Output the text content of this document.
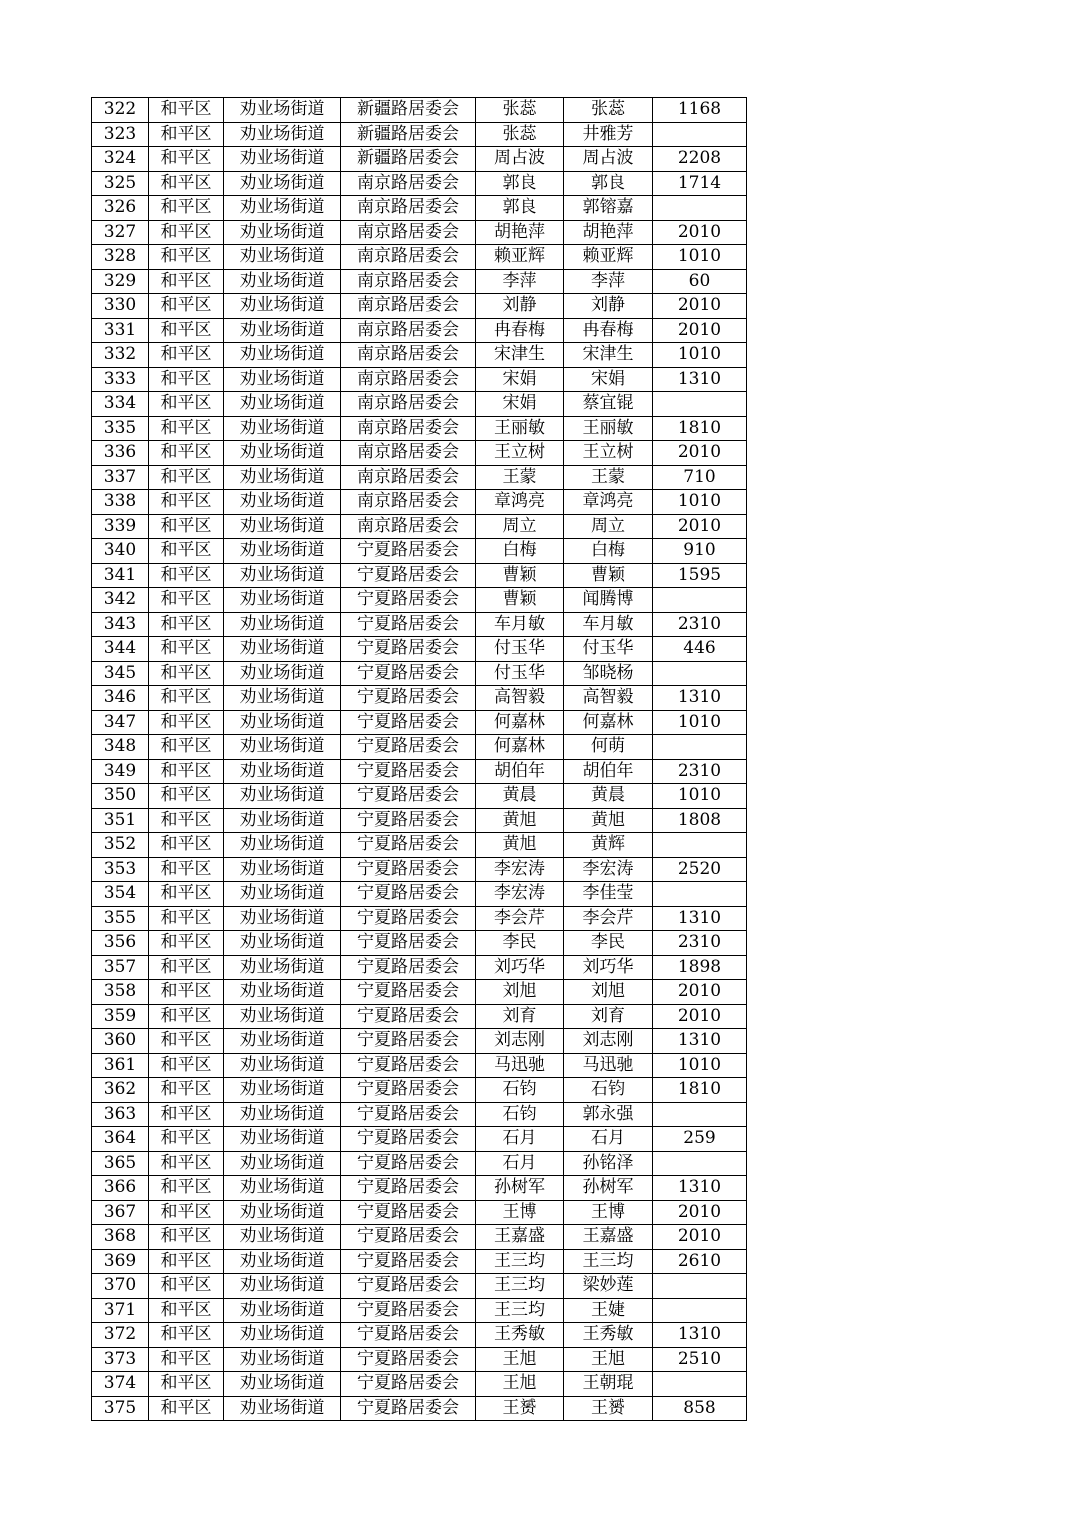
322	和平区	劝业场街道	新疆路居委会	张蕊	张蕊	1168
323	和平区	劝业场街道	新疆路居委会	张蕊	井雅芳	
324	和平区	劝业场街道	新疆路居委会	周占波	周占波	2208
325	和平区	劝业场街道	南京路居委会	郭良	郭良	1714
326	和平区	劝业场街道	南京路居委会	郭良	郭镕嘉	
327	和平区	劝业场街道	南京路居委会	胡艳萍	胡艳萍	2010
328	和平区	劝业场街道	南京路居委会	赖亚辉	赖亚辉	1010
329	和平区	劝业场街道	南京路居委会	李萍	李萍	60
330	和平区	劝业场街道	南京路居委会	刘静	刘静	2010
331	和平区	劝业场街道	南京路居委会	冉春梅	冉春梅	2010
332	和平区	劝业场街道	南京路居委会	宋津生	宋津生	1010
333	和平区	劝业场街道	南京路居委会	宋娟	宋娟	1310
334	和平区	劝业场街道	南京路居委会	宋娟	蔡宜锟	
335	和平区	劝业场街道	南京路居委会	王丽敏	王丽敏	1810
336	和平区	劝业场街道	南京路居委会	王立树	王立树	2010
337	和平区	劝业场街道	南京路居委会	王蒙	王蒙	710
338	和平区	劝业场街道	南京路居委会	章鸿亮	章鸿亮	1010
339	和平区	劝业场街道	南京路居委会	周立	周立	2010
340	和平区	劝业场街道	宁夏路居委会	白梅	白梅	910
341	和平区	劝业场街道	宁夏路居委会	曹颖	曹颖	1595
342	和平区	劝业场街道	宁夏路居委会	曹颖	闻腾博	
343	和平区	劝业场街道	宁夏路居委会	车月敏	车月敏	2310
344	和平区	劝业场街道	宁夏路居委会	付玉华	付玉华	446
345	和平区	劝业场街道	宁夏路居委会	付玉华	邹晓杨	
346	和平区	劝业场街道	宁夏路居委会	高智毅	高智毅	1310
347	和平区	劝业场街道	宁夏路居委会	何嘉林	何嘉林	1010
348	和平区	劝业场街道	宁夏路居委会	何嘉林	何萌	
349	和平区	劝业场街道	宁夏路居委会	胡伯年	胡伯年	2310
350	和平区	劝业场街道	宁夏路居委会	黄晨	黄晨	1010
351	和平区	劝业场街道	宁夏路居委会	黄旭	黄旭	1808
352	和平区	劝业场街道	宁夏路居委会	黄旭	黄辉	
353	和平区	劝业场街道	宁夏路居委会	李宏涛	李宏涛	2520
354	和平区	劝业场街道	宁夏路居委会	李宏涛	李佳莹	
355	和平区	劝业场街道	宁夏路居委会	李会芹	李会芹	1310
356	和平区	劝业场街道	宁夏路居委会	李民	李民	2310
357	和平区	劝业场街道	宁夏路居委会	刘巧华	刘巧华	1898
358	和平区	劝业场街道	宁夏路居委会	刘旭	刘旭	2010
359	和平区	劝业场街道	宁夏路居委会	刘育	刘育	2010
360	和平区	劝业场街道	宁夏路居委会	刘志刚	刘志刚	1310
361	和平区	劝业场街道	宁夏路居委会	马迅驰	马迅驰	1010
362	和平区	劝业场街道	宁夏路居委会	石钧	石钧	1810
363	和平区	劝业场街道	宁夏路居委会	石钧	郭永强	
364	和平区	劝业场街道	宁夏路居委会	石月	石月	259
365	和平区	劝业场街道	宁夏路居委会	石月	孙铭泽	
366	和平区	劝业场街道	宁夏路居委会	孙树军	孙树军	1310
367	和平区	劝业场街道	宁夏路居委会	王博	王博	2010
368	和平区	劝业场街道	宁夏路居委会	王嘉盛	王嘉盛	2010
369	和平区	劝业场街道	宁夏路居委会	王三均	王三均	2610
370	和平区	劝业场街道	宁夏路居委会	王三均	梁妙莲	
371	和平区	劝业场街道	宁夏路居委会	王三均	王婕	
372	和平区	劝业场街道	宁夏路居委会	王秀敏	王秀敏	1310
373	和平区	劝业场街道	宁夏路居委会	王旭	王旭	2510
374	和平区	劝业场街道	宁夏路居委会	王旭	王朝琨	
375	和平区	劝业场街道	宁夏路居委会	王赟	王赟	858
